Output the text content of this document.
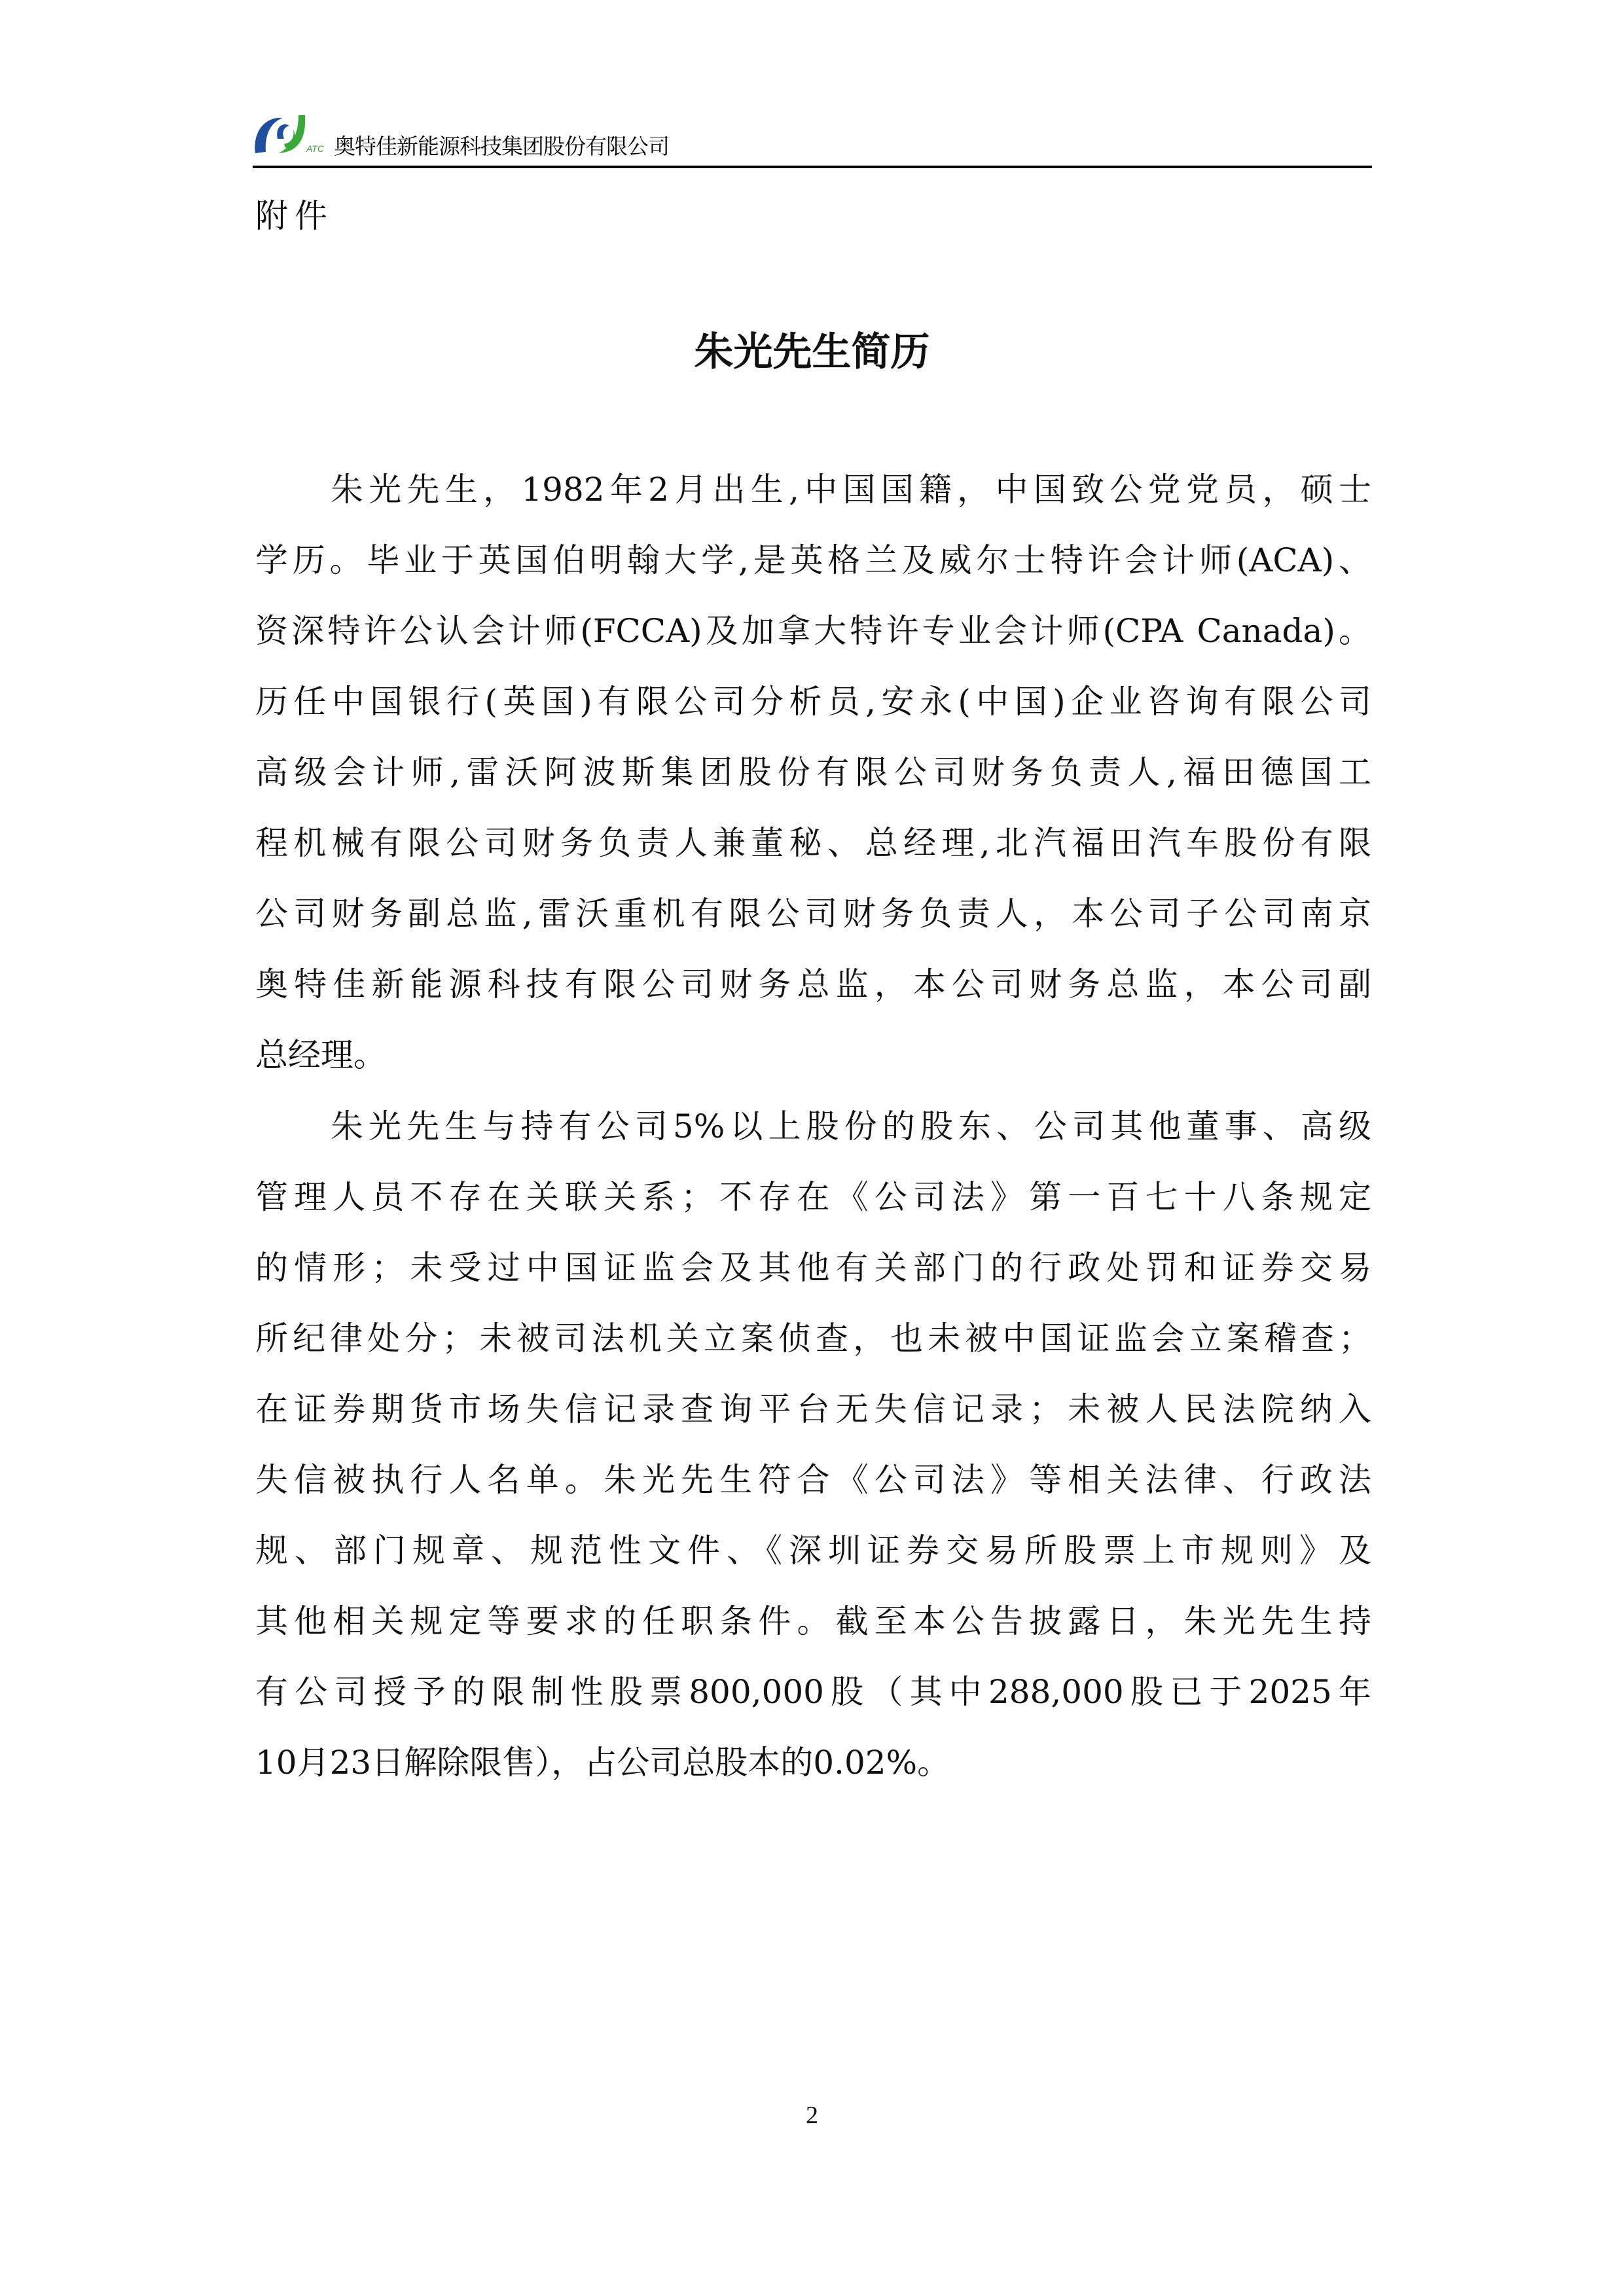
ATC 奥特佳新能源科技集团股份有限公司
附件
朱光先生简历
朱光先生，1982年2月出生,中国国籍，中国致公党党员，硕士
学历。毕业于英国伯明翰大学,是英格兰及威尔士特许会计师(ACA)、
资深特许公认会计师(FCCA)及加拿大特许专业会计师(CPA Canada)。
历任中国银行(英国)有限公司分析员,安永(中国)企业咨询有限公司
高级会计师,雷沃阿波斯集团股份有限公司财务负责人,福田德国工
程机械有限公司财务负责人兼董秘、总经理,北汽福田汽车股份有限
公司财务副总监,雷沃重机有限公司财务负责人，本公司子公司南京
奥特佳新能源科技有限公司财务总监，本公司财务总监，本公司副
总经理。
朱光先生与持有公司5%以上股份的股东、公司其他董事、高级
管理人员不存在关联关系；不存在《公司法》第一百七十八条规定
的情形；未受过中国证监会及其他有关部门的行政处罚和证券交易
所纪律处分；未被司法机关立案侦查，也未被中国证监会立案稽查；
在证券期货市场失信记录查询平台无失信记录；未被人民法院纳入
失信被执行人名单。朱光先生符合《公司法》等相关法律、行政法
规、部门规章、规范性文件、《深圳证券交易所股票上市规则》及
其他相关规定等要求的任职条件。截至本公告披露日，朱光先生持
有公司授予的限制性股票800,000股（其中288,000股已于2025年
10月23日解除限售），占公司总股本的0.02%。
2
